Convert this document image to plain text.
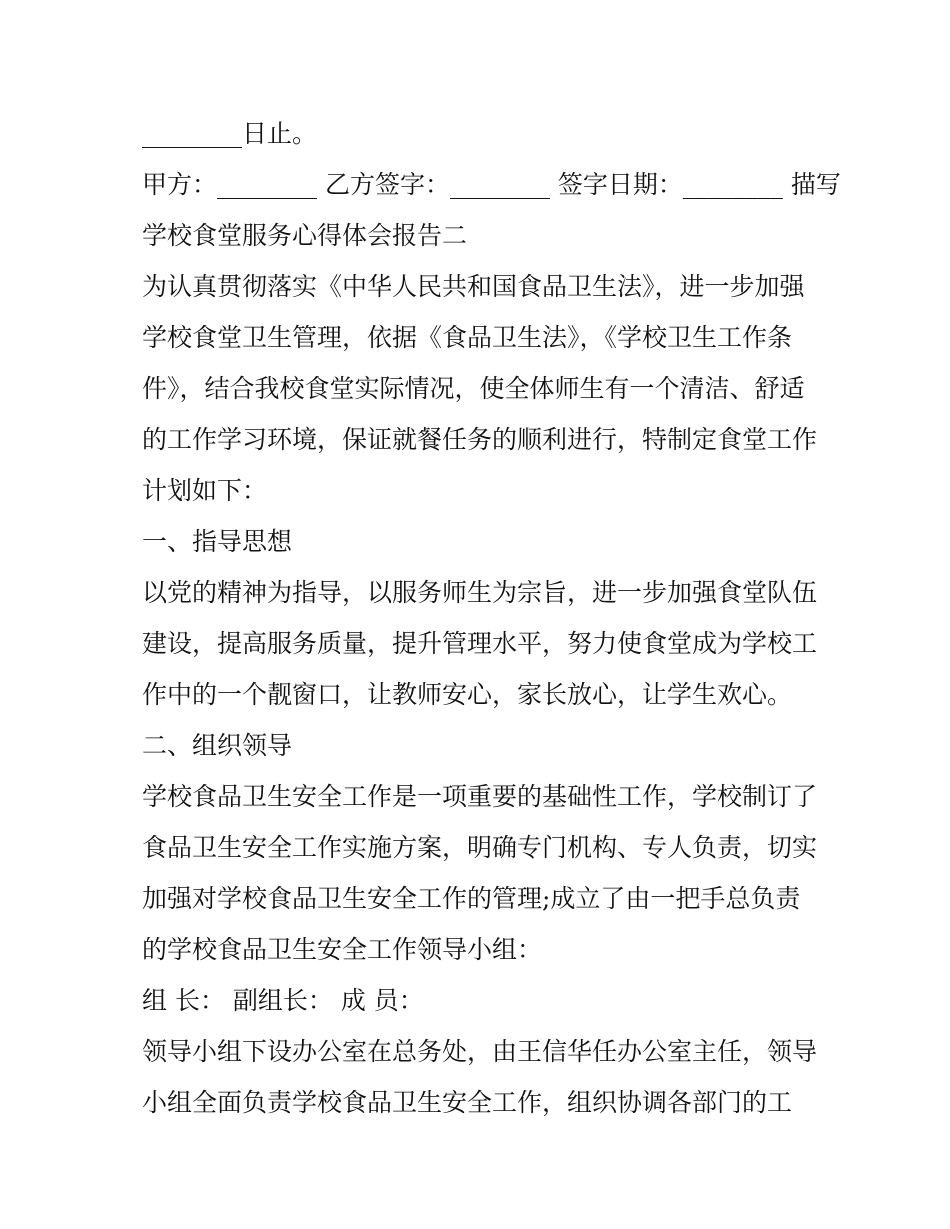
________日止。
甲方：________ 乙方签字：________ 签字日期：________ 描写
学校食堂服务心得体会报告二
为认真贯彻落实《中华人民共和国食品卫生法》，进一步加强
学校食堂卫生管理，依据《食品卫生法》，《学校卫生工作条
件》，结合我校食堂实际情况，使全体师生有一个清洁、舒适
的工作学习环境，保证就餐任务的顺利进行，特制定食堂工作
计划如下：
一、指导思想
以党的精神为指导，以服务师生为宗旨，进一步加强食堂队伍
建设，提高服务质量，提升管理水平，努力使食堂成为学校工
作中的一个靓窗口，让教师安心，家长放心，让学生欢心。
二、组织领导
学校食品卫生安全工作是一项重要的基础性工作，学校制订了
食品卫生安全工作实施方案，明确专门机构、专人负责，切实
加强对学校食品卫生安全工作的管理;成立了由一把手总负责
的学校食品卫生安全工作领导小组：
组 长： 副组长： 成 员：
领导小组下设办公室在总务处，由王信华任办公室主任，领导
小组全面负责学校食品卫生安全工作，组织协调各部门的工
